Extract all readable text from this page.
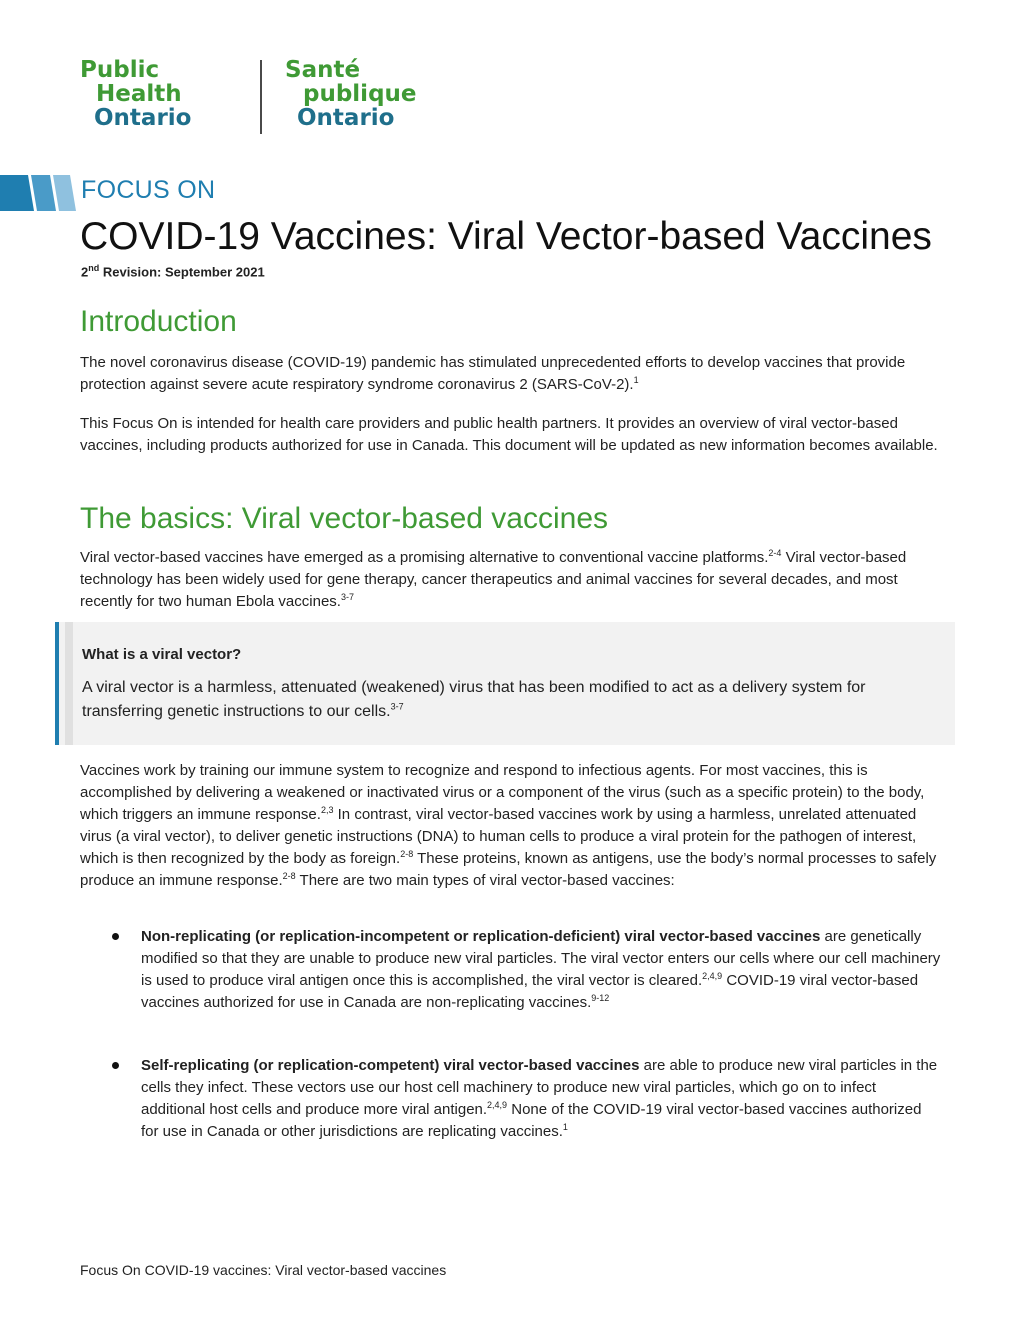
Public
Health
Ontario
Santé
publique
Ontario
FOCUS ON
COVID-19 Vaccines: Viral Vector-based Vaccines
2nd Revision: September 2021
Introduction
The novel coronavirus disease (COVID-19) pandemic has stimulated unprecedented efforts to develop vaccines that provide protection against severe acute respiratory syndrome coronavirus 2 (SARS-CoV-2).$^1$
This Focus On is intended for health care providers and public health partners. It provides an overview of viral vector-based vaccines, including products authorized for use in Canada. This document will be updated as new information becomes available.
The basics: Viral vector-based vaccines
Viral vector-based vaccines have emerged as a promising alternative to conventional vaccine platforms.$^{2-4}$ Viral vector-based technology has been widely used for gene therapy, cancer therapeutics and animal vaccines for several decades, and most recently for two human Ebola vaccines.$^{3-7}$
What is a viral vector?
A viral vector is a harmless, attenuated (weakened) virus that has been modified to act as a delivery system for transferring genetic instructions to our cells.$^{3-7}$
Vaccines work by training our immune system to recognize and respond to infectious agents. For most vaccines, this is accomplished by delivering a weakened or inactivated virus or a component of the virus (such as a specific protein) to the body, which triggers an immune response.$^{2,3}$ In contrast, viral vector-based vaccines work by using a harmless, unrelated attenuated virus (a viral vector), to deliver genetic instructions (DNA) to human cells to produce a viral protein for the pathogen of interest, which is then recognized by the body as foreign.$^{2-8}$ These proteins, known as antigens, use the body’s normal processes to safely produce an immune response.$^{2-8}$ There are two main types of viral vector-based vaccines:
Non-replicating (or replication-incompetent or replication-deficient) viral vector-based vaccines are genetically modified so that they are unable to produce new viral particles. The viral vector enters our cells where our cell machinery is used to produce viral antigen once this is accomplished, the viral vector is cleared.$^{2,4,9}$ COVID-19 viral vector-based vaccines authorized for use in Canada are non-replicating vaccines.$^{9-12}$
Self-replicating (or replication-competent) viral vector-based vaccines are able to produce new viral particles in the cells they infect. These vectors use our host cell machinery to produce new viral particles, which go on to infect additional host cells and produce more viral antigen.$^{2,4,9}$ None of the COVID-19 viral vector-based vaccines authorized for use in Canada or other jurisdictions are replicating vaccines.$^1$
Focus On COVID-19 vaccines: Viral vector-based vaccines
